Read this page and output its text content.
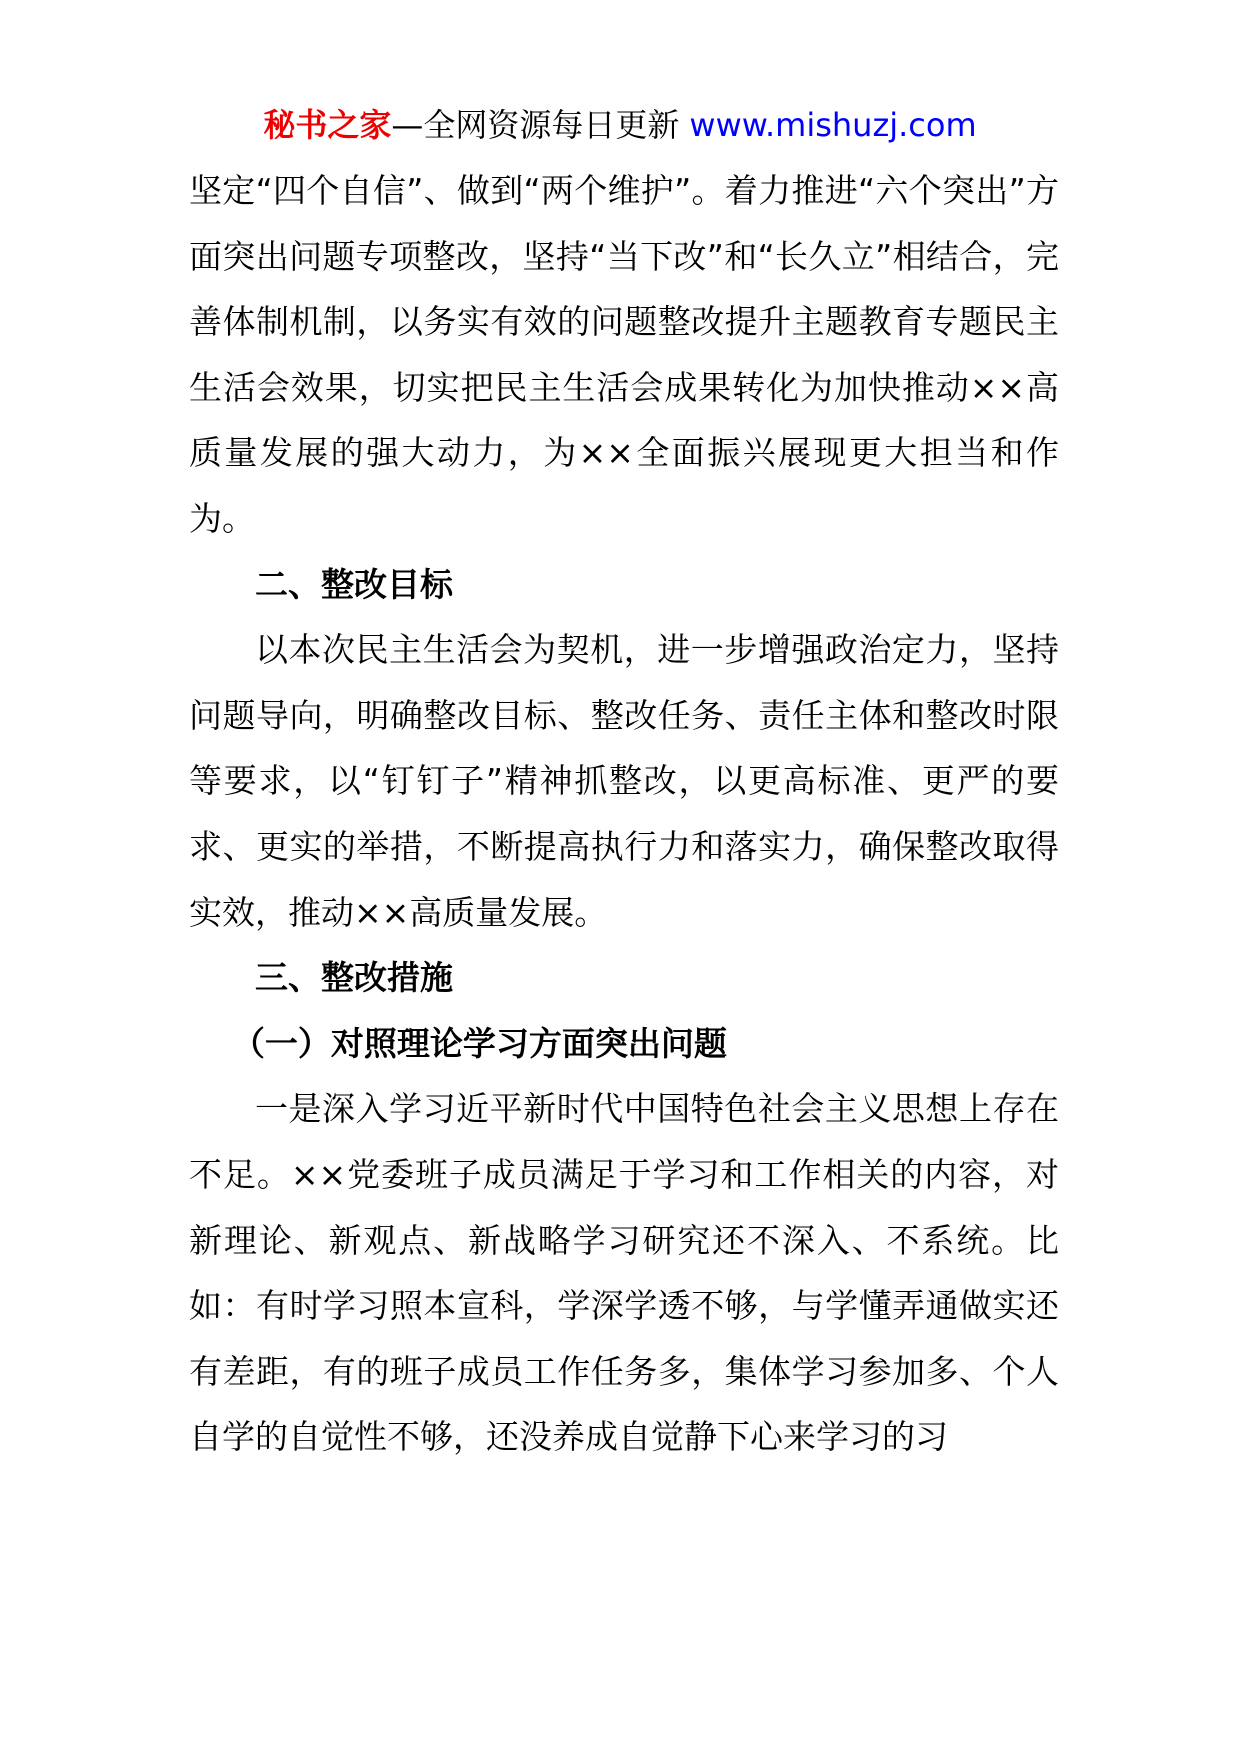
秘书之家—全网资源每日更新 www.mishuzj.com

坚定“四个自信”、做到“两个维护”。着力推进“六个突出”方面突出问题专项整改，坚持“当下改”和“长久立”相结合，完善体制机制，以务实有效的问题整改提升主题教育专题民主生活会效果，切实把民主生活会成果转化为加快推动××高质量发展的强大动力，为××全面振兴展现更大担当和作为。

二、整改目标

以本次民主生活会为契机，进一步增强政治定力，坚持问题导向，明确整改目标、整改任务、责任主体和整改时限等要求，以“钉钉子”精神抓整改，以更高标准、更严的要求、更实的举措，不断提高执行力和落实力，确保整改取得实效，推动××高质量发展。

三、整改措施

（一）对照理论学习方面突出问题

一是深入学习近平新时代中国特色社会主义思想上存在不足。××党委班子成员满足于学习和工作相关的内容，对新理论、新观点、新战略学习研究还不深入、不系统。比如：有时学习照本宣科，学深学透不够，与学懂弄通做实还有差距，有的班子成员工作任务多，集体学习参加多、个人自学的自觉性不够，还没养成自觉静下心来学习的习
